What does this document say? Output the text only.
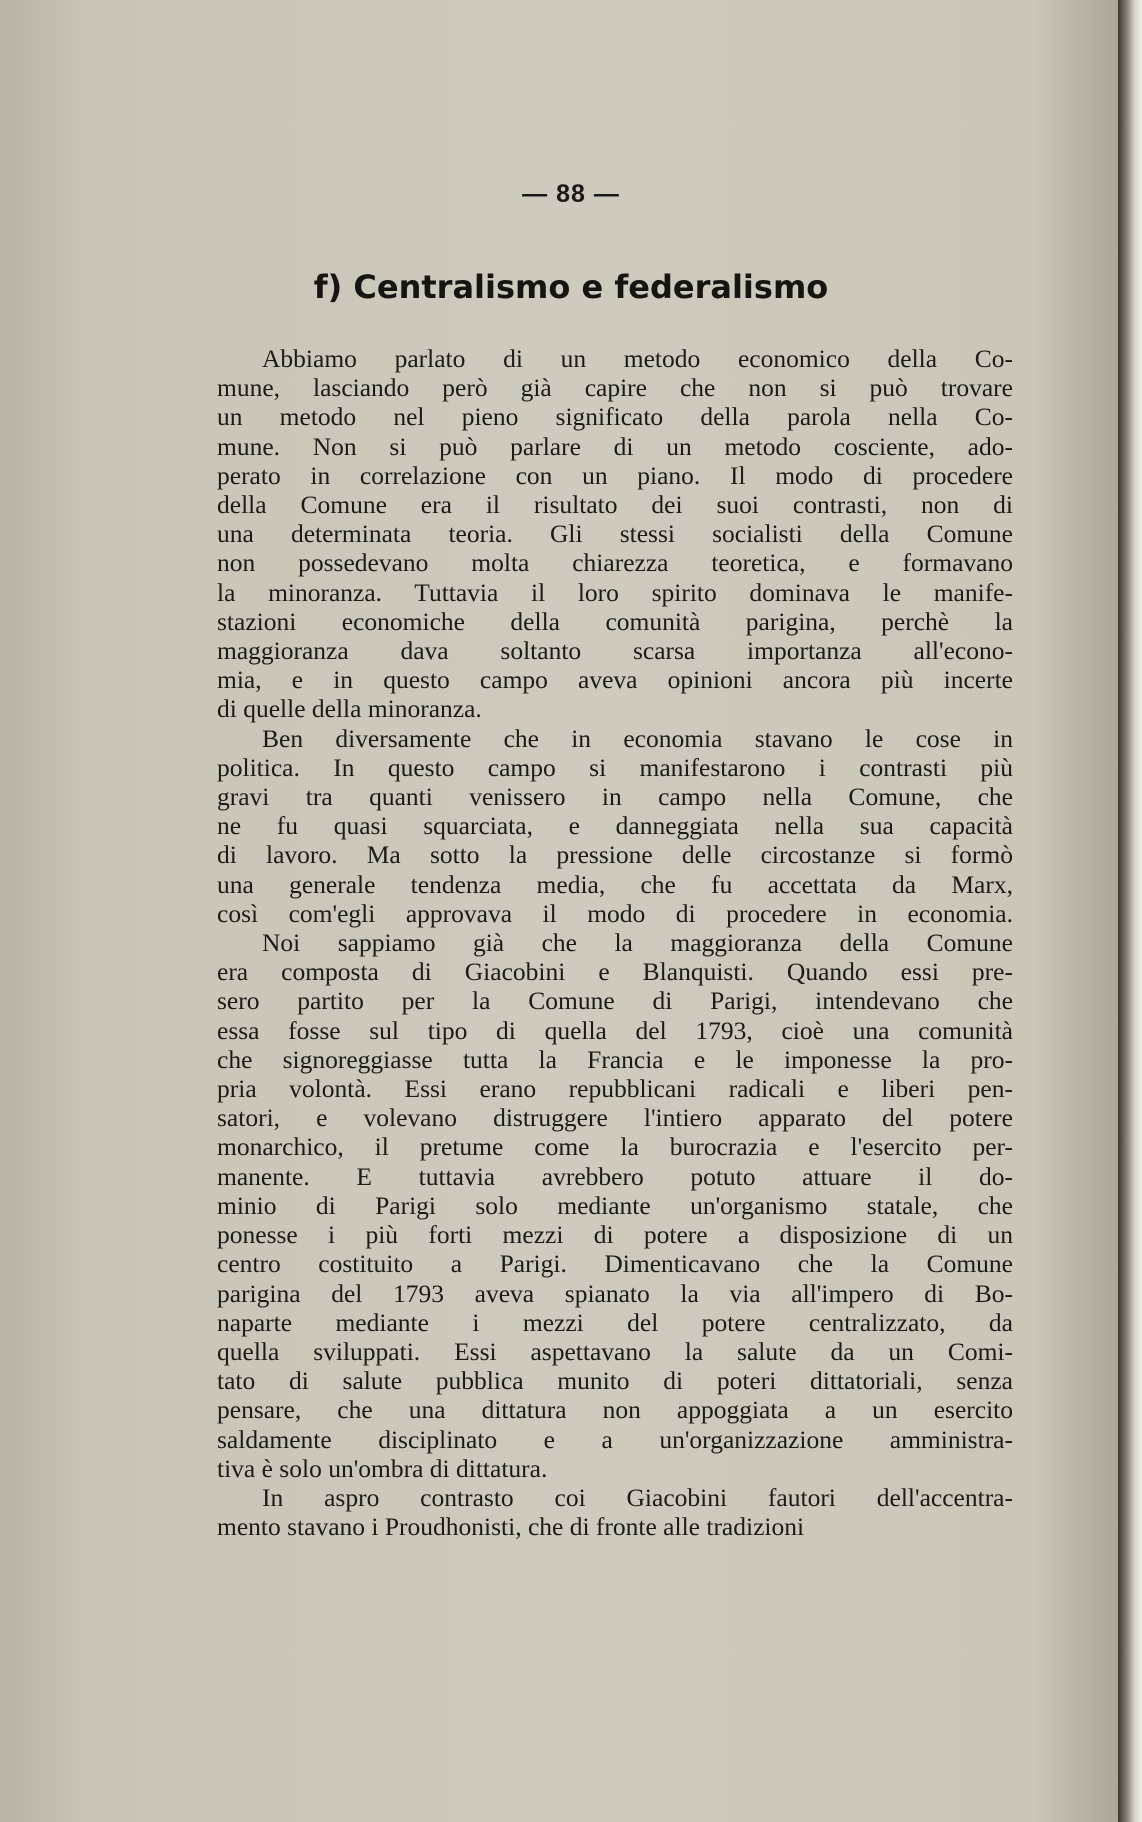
— 88 —
f) Centralismo e federalismo
Abbiamo parlato di un metodo economico della Co-
mune, lasciando però già capire che non si può trovare
un metodo nel pieno significato della parola nella Co-
mune. Non si può parlare di un metodo cosciente, ado-
perato in correlazione con un piano. Il modo di procedere
della Comune era il risultato dei suoi contrasti, non di
una determinata teoria. Gli stessi socialisti della Comune
non possedevano molta chiarezza teoretica, e formavano
la minoranza. Tuttavia il loro spirito dominava le manife-
stazioni economiche della comunità parigina, perchè la
maggioranza dava soltanto scarsa importanza all'econo-
mia, e in questo campo aveva opinioni ancora più incerte
di quelle della minoranza.
Ben diversamente che in economia stavano le cose in
politica. In questo campo si manifestarono i contrasti più
gravi tra quanti venissero in campo nella Comune, che
ne fu quasi squarciata, e danneggiata nella sua capacità
di lavoro. Ma sotto la pressione delle circostanze si formò
una generale tendenza media, che fu accettata da Marx,
così com'egli approvava il modo di procedere in economia.
Noi sappiamo già che la maggioranza della Comune
era composta di Giacobini e Blanquisti. Quando essi pre-
sero partito per la Comune di Parigi, intendevano che
essa fosse sul tipo di quella del 1793, cioè una comunità
che signoreggiasse tutta la Francia e le imponesse la pro-
pria volontà. Essi erano repubblicani radicali e liberi pen-
satori, e volevano distruggere l'intiero apparato del potere
monarchico, il pretume come la burocrazia e l'esercito per-
manente. E tuttavia avrebbero potuto attuare il do-
minio di Parigi solo mediante un'organismo statale, che
ponesse i più forti mezzi di potere a disposizione di un
centro costituito a Parigi. Dimenticavano che la Comune
parigina del 1793 aveva spianato la via all'impero di Bo-
naparte mediante i mezzi del potere centralizzato, da
quella sviluppati. Essi aspettavano la salute da un Comi-
tato di salute pubblica munito di poteri dittatoriali, senza
pensare, che una dittatura non appoggiata a un esercito
saldamente disciplinato e a un'organizzazione amministra-
tiva è solo un'ombra di dittatura.
In aspro contrasto coi Giacobini fautori dell'accentra-
mento stavano i Proudhonisti, che di fronte alle tradizioni
